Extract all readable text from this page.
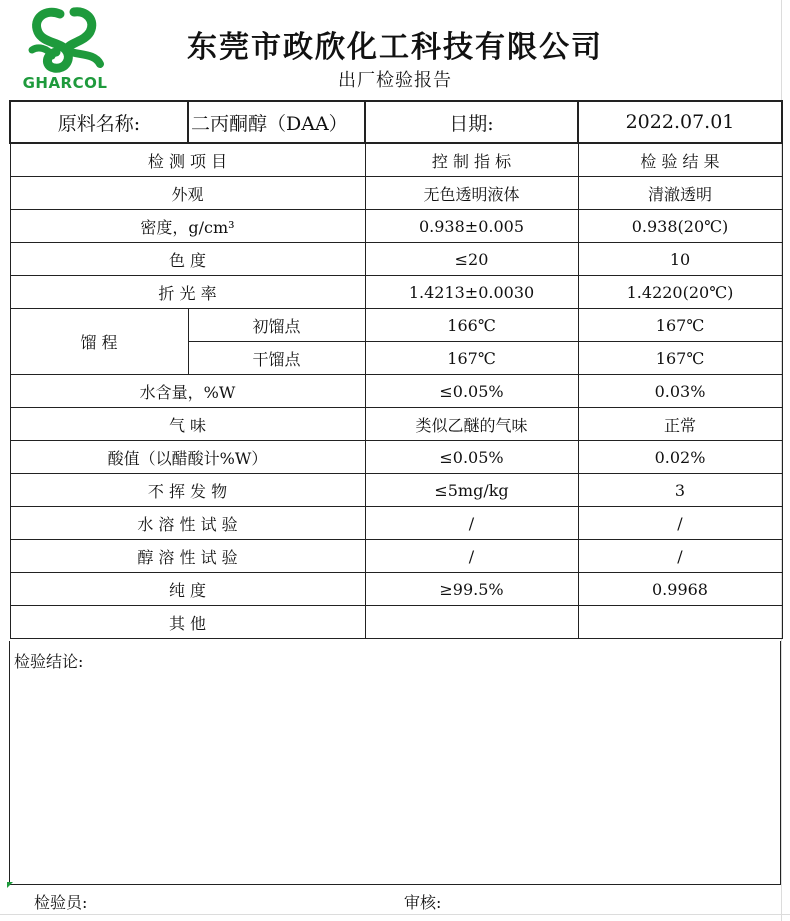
GHARCOL
东莞市政欣化工科技有限公司
出厂检验报告
原料名称:	二丙酮醇（DAA）	日期:	2022.07.01
检 测 项 目		控 制 指 标	检 验 结 果
外观		无色透明液体	清澈透明
密度，g/cm³		0.938±0.005	0.938(20℃)
色 度		≤20	10
折 光 率		1.4213±0.0030	1.4220(20℃)
馏 程	初馏点	166℃	167℃
	干馏点	167℃	167℃
水含量，%W		≤0.05%	0.03%
气 味		类似乙醚的气味	正常
酸值（以醋酸计%W）		≤0.05%	0.02%
不 挥 发 物		≤5mg/kg	3
水 溶 性 试 验		/	/
醇 溶 性 试 验		/	/
纯 度		≥99.5%	0.9968
其 他			
检验结论:
检验员:	审核:
